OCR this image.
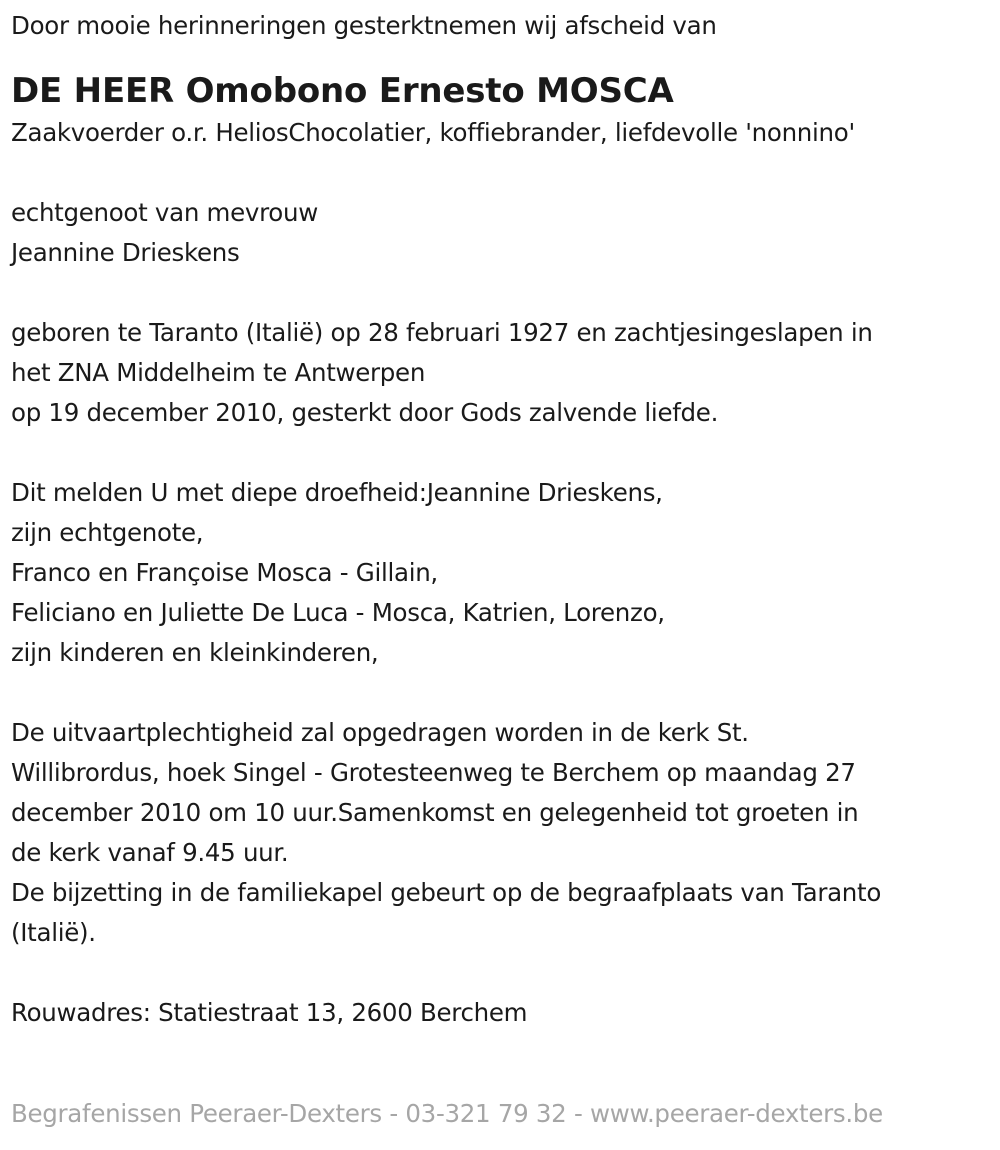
Door mooie herinneringen gesterktnemen wij afscheid van
DE HEER Omobono Ernesto MOSCA
Zaakvoerder o.r. HeliosChocolatier, koffiebrander, liefdevolle 'nonnino'
echtgenoot van mevrouw
Jeannine Drieskens
geboren te Taranto (Italië) op 28 februari 1927 en zachtjesingeslapen in
het ZNA Middelheim te Antwerpen
op 19 december 2010, gesterkt door Gods zalvende liefde.
Dit melden U met diepe droefheid:Jeannine Drieskens,
zijn echtgenote,
Franco en Françoise Mosca - Gillain,
Feliciano en Juliette De Luca - Mosca, Katrien, Lorenzo,
zijn kinderen en kleinkinderen,
De uitvaartplechtigheid zal opgedragen worden in de kerk St.
Willibrordus, hoek Singel - Grotesteenweg te Berchem op maandag 27
december 2010 om 10 uur.Samenkomst en gelegenheid tot groeten in
de kerk vanaf 9.45 uur.
De bijzetting in de familiekapel gebeurt op de begraafplaats van Taranto
(Italië).
Rouwadres: Statiestraat 13, 2600 Berchem
Begrafenissen Peeraer-Dexters - 03-321 79 32 - www.peeraer-dexters.be
